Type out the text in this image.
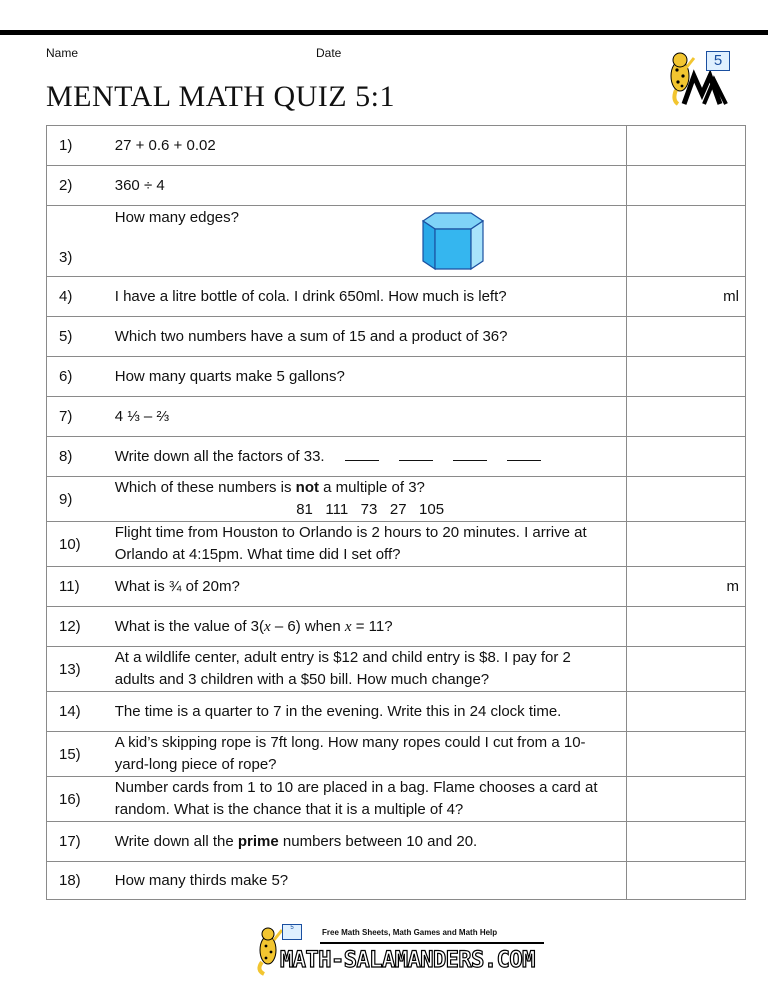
Name	Date
MENTAL MATH QUIZ 5:1
5
1)	27 + 0.6 + 0.02	
2)	360 ÷ 4	
3)	How many edges?	

4)	I have a litre bottle of cola. I drink 650ml. How much is left?	ml
5)	Which two numbers have a sum of 15 and a product of 36?	
6)	How many quarts make 5 gallons?	
7)	4 ⅓ – ⅔	
8)	Write down all the factors of 33.	
9)	Which of these numbers is not a multiple of 3?
81   111   73   27   105	

10)	Flight time from Houston to Orlando is 2 hours to 20 minutes. I arrive at
Orlando at 4:15pm. What time did I set off?	

11)	What is ¾ of 20m?	m
12)	What is the value of 3(x – 6) when x = 11?	
13)	At a wildlife center, adult entry is $12 and child entry is $8. I pay for 2
adults and 3 children with a $50 bill. How much change?	

14)	The time is a quarter to 7 in the evening. Write this in 24 clock time.	
15)	A kid’s skipping rope is 7ft long. How many ropes could I cut from a 10-
yard-long piece of rope?	

16)	Number cards from 1 to 10 are placed in a bag. Flame chooses a card at
random. What is the chance that it is a multiple of 4?	

17)	Write down all the prime numbers between 10 and 20.	
18)	How many thirds make 5?	
5	Free Math Sheets, Math Games and Math Help
MATH-SALAMANDERS.COM
